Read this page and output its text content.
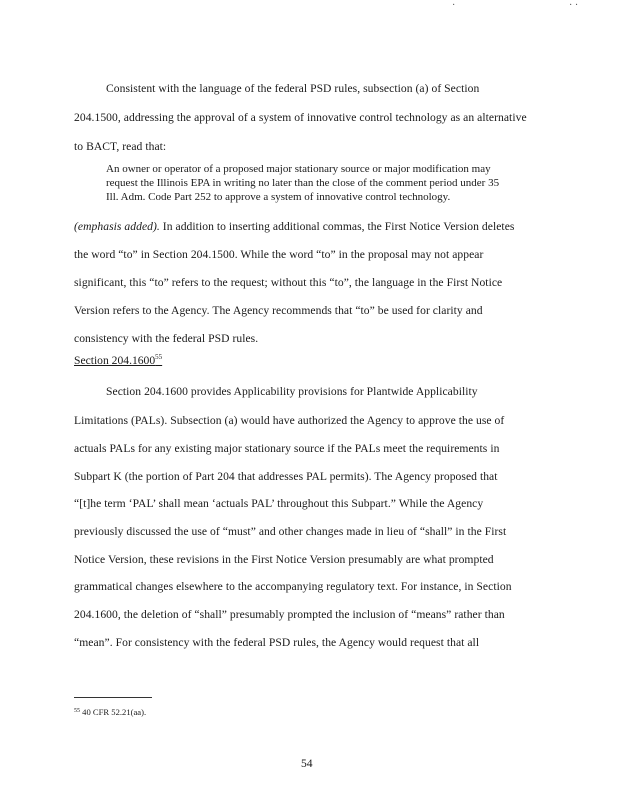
·	· ·
Consistent with the language of the federal PSD rules, subsection (a) of Section
204.1500, addressing the approval of a system of innovative control technology as an alternative
to BACT, read that:
An owner or operator of a proposed major stationary source or major modification may
request the Illinois EPA in writing no later than the close of the comment period under 35
Ill. Adm. Code Part 252 to approve a system of innovative control technology.
(emphasis added). In addition to inserting additional commas, the First Notice Version deletes
the word “to” in Section 204.1500. While the word “to” in the proposal may not appear
significant, this “to” refers to the request; without this “to”, the language in the First Notice
Version refers to the Agency. The Agency recommends that “to” be used for clarity and
consistency with the federal PSD rules.
Section 204.1600$^{55}$
Section 204.1600 provides Applicability provisions for Plantwide Applicability
Limitations (PALs). Subsection (a) would have authorized the Agency to approve the use of
actuals PALs for any existing major stationary source if the PALs meet the requirements in
Subpart K (the portion of Part 204 that addresses PAL permits). The Agency proposed that
“[t]he term ‘PAL’ shall mean ‘actuals PAL’ throughout this Subpart.” While the Agency
previously discussed the use of “must” and other changes made in lieu of “shall” in the First
Notice Version, these revisions in the First Notice Version presumably are what prompted
grammatical changes elsewhere to the accompanying regulatory text. For instance, in Section
204.1600, the deletion of “shall” presumably prompted the inclusion of “means” rather than
“mean”. For consistency with the federal PSD rules, the Agency would request that all
$^{55}$ 40 CFR 52.21(aa).
54
